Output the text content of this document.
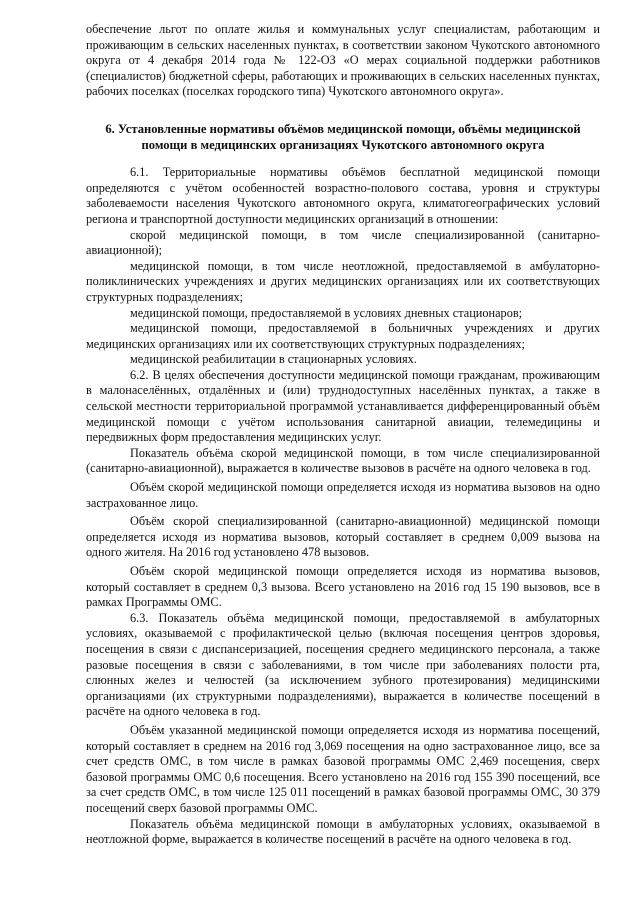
обеспечение льгот по оплате жилья и коммунальных услуг специалистам, работающим и проживающим в сельских населенных пунктах, в соответствии законом Чукотского автономного округа от 4 декабря 2014 года № 122-ОЗ «О мерах социальной поддержки работников (специалистов) бюджетной сферы, работающих и проживающих в сельских населенных пунктах, рабочих поселках (поселках городского типа) Чукотского автономного округа».

6. Установленные нормативы объёмов медицинской помощи, объёмы медицинской помощи в медицинских организациях Чукотского автономного округа

6.1. Территориальные нормативы объёмов бесплатной медицинской помощи определяются с учётом особенностей возрастно-полового состава, уровня и структуры заболеваемости населения Чукотского автономного округа, климатогеографических условий региона и транспортной доступности медицинских организаций в отношении:

скорой медицинской помощи, в том числе специализированной (санитарно-авиационной);

медицинской помощи, в том числе неотложной, предоставляемой в амбулаторно-поликлинических учреждениях и других медицинских организациях или их соответствующих структурных подразделениях;

медицинской помощи, предоставляемой в условиях дневных стационаров;

медицинской помощи, предоставляемой в больничных учреждениях и других медицинских организациях или их соответствующих структурных подразделениях;

медицинской реабилитации в стационарных условиях.

6.2. В целях обеспечения доступности медицинской помощи гражданам, проживающим в малонаселённых, отдалённых и (или) труднодоступных населённых пунктах, а также в сельской местности территориальной программой устанавливается дифференцированный объём медицинской помощи с учётом использования санитарной авиации, телемедицины и передвижных форм предоставления медицинских услуг.

Показатель объёма скорой медицинской помощи, в том числе специализированной (санитарно-авиационной), выражается в количестве вызовов в расчёте на одного человека в год.

Объём скорой медицинской помощи определяется исходя из норматива вызовов на одно застрахованное лицо.

Объём скорой специализированной (санитарно-авиационной) медицинской помощи определяется исходя из норматива вызовов, который составляет в среднем 0,009 вызова на одного жителя. На 2016 год установлено 478 вызовов.

Объём скорой медицинской помощи определяется исходя из норматива вызовов, который составляет в среднем 0,3 вызова. Всего установлено на 2016 год 15 190 вызовов, все в рамках Программы ОМС.

6.3. Показатель объёма медицинской помощи, предоставляемой в амбулаторных условиях, оказываемой с профилактической целью (включая посещения центров здоровья, посещения в связи с диспансеризацией, посещения среднего медицинского персонала, а также разовые посещения в связи с заболеваниями, в том числе при заболеваниях полости рта, слюнных желез и челюстей (за исключением зубного протезирования) медицинскими организациями (их структурными подразделениями), выражается в количестве посещений в расчёте на одного человека в год.

Объём указанной медицинской помощи определяется исходя из норматива посещений, который составляет в среднем на 2016 год 3,069 посещения на одно застрахованное лицо, все за счет средств ОМС, в том числе в рамках базовой программы ОМС 2,469 посещения, сверх базовой программы ОМС 0,6 посещения. Всего установлено на 2016 год 155 390 посещений, все за счет средств ОМС, в том числе 125 011 посещений в рамках базовой программы ОМС, 30 379 посещений сверх базовой программы ОМС.

Показатель объёма медицинской помощи в амбулаторных условиях, оказываемой в неотложной форме, выражается в количестве посещений в расчёте на одного человека в год.
